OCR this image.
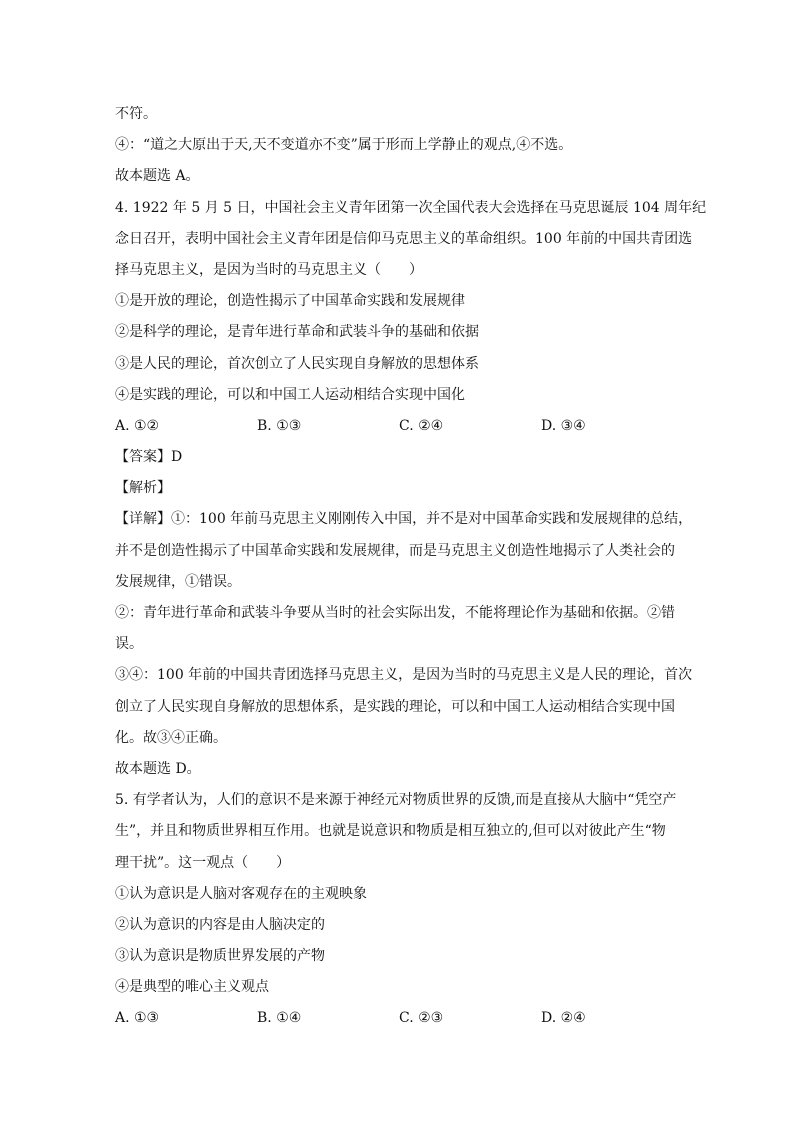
不符。
④：“道之大原出于天,天不变道亦不变”属于形而上学静止的观点,④不选。
故本题选 A。
4. 1922 年 5 月 5 日，中国社会主义青年团第一次全国代表大会选择在马克思诞辰 104 周年纪
念日召开，表明中国社会主义青年团是信仰马克思主义的革命组织。100 年前的中国共青团选
择马克思主义，是因为当时的马克思主义（　　）
①是开放的理论，创造性揭示了中国革命实践和发展规律
②是科学的理论，是青年进行革命和武装斗争的基础和依据
③是人民的理论，首次创立了人民实现自身解放的思想体系
④是实践的理论，可以和中国工人运动相结合实现中国化
A. ①②	B. ①③	C. ②④	D. ③④
【答案】D
【解析】
【详解】①：100 年前马克思主义刚刚传入中国，并不是对中国革命实践和发展规律的总结，
并不是创造性揭示了中国革命实践和发展规律，而是马克思主义创造性地揭示了人类社会的
发展规律，①错误。
②：青年进行革命和武装斗争要从当时的社会实际出发，不能将理论作为基础和依据。②错
误。
③④：100 年前的中国共青团选择马克思主义，是因为当时的马克思主义是人民的理论，首次
创立了人民实现自身解放的思想体系，是实践的理论，可以和中国工人运动相结合实现中国
化。故③④正确。
故本题选 D。
5. 有学者认为，人们的意识不是来源于神经元对物质世界的反馈,而是直接从大脑中“凭空产
生”，并且和物质世界相互作用。也就是说意识和物质是相互独立的,但可以对彼此产生“物
理干扰”。这一观点（　　）
①认为意识是人脑对客观存在的主观映象
②认为意识的内容是由人脑决定的
③认为意识是物质世界发展的产物
④是典型的唯心主义观点
A. ①③	B. ①④	C. ②③	D. ②④
